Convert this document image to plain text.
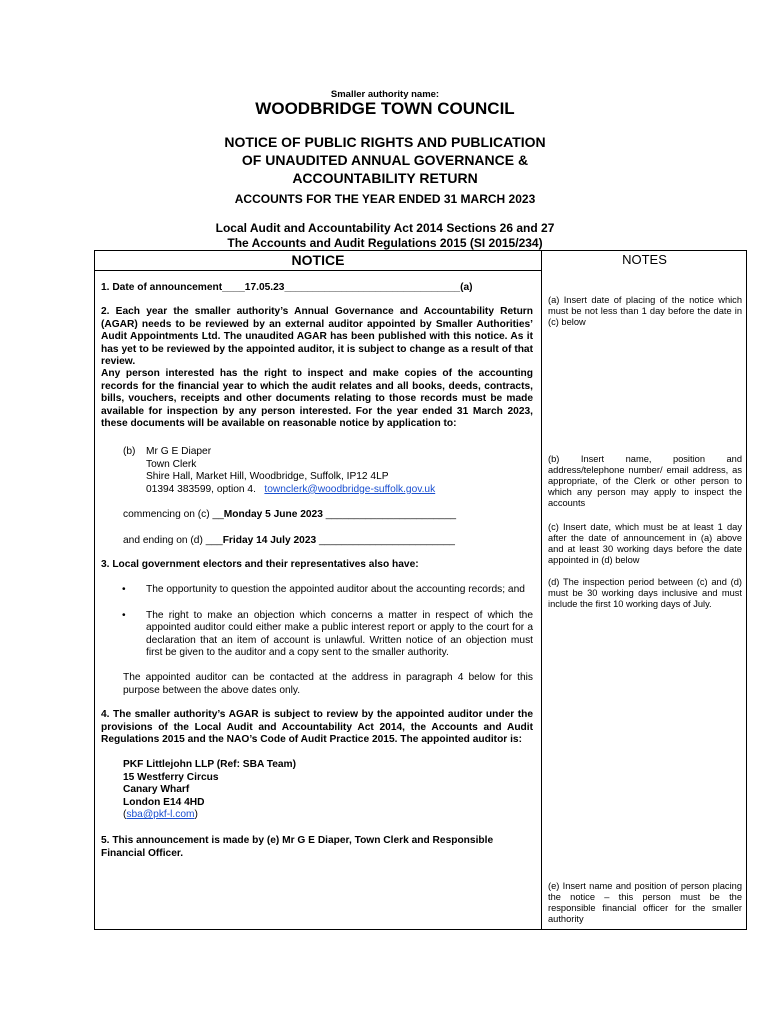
Smaller authority name:
WOODBRIDGE TOWN COUNCIL
NOTICE OF PUBLIC RIGHTS AND PUBLICATION
OF UNAUDITED ANNUAL GOVERNANCE &
ACCOUNTABILITY RETURN
ACCOUNTS FOR THE YEAR ENDED 31 MARCH 2023
Local Audit and Accountability Act 2014 Sections 26 and 27
The Accounts and Audit Regulations 2015 (SI 2015/234)
NOTICE	NOTES

1. Date of announcement____17.05.23_______________________________(a)

2. Each year the smaller authority’s Annual Governance and Accountability Return (AGAR) needs to be reviewed by an external auditor appointed by Smaller Authorities’ Audit Appointments Ltd. The unaudited AGAR has been published with this notice. As it has yet to be reviewed by the appointed auditor, it is subject to change as a result of that review.

Any person interested has the right to inspect and make copies of the accounting records for the financial year to which the audit relates and all books, deeds, contracts, bills, vouchers, receipts and other documents relating to those records must be made available for inspection by any person interested. For the year ended 31 March 2023, these documents will be available on reasonable notice by application to:

(b)	Mr G E Diaper
Town Clerk
Shire Hall, Market Hill, Woodbridge, Suffolk, IP12 4LP
01394 383599, option 4. townclerk@woodbridge-suffolk.gov.uk
commencing on (c) __Monday 5 June 2023 _______________________
and ending on (d) ___Friday 14 July 2023 ________________________

3. Local government electors and their representatives also have:

•	The opportunity to question the appointed auditor about the accounting records; and
•	The right to make an objection which concerns a matter in respect of which the appointed auditor could either make a public interest report or apply to the court for a declaration that an item of account is unlawful. Written notice of an objection must first be given to the auditor and a copy sent to the smaller authority.

The appointed auditor can be contacted at the address in paragraph 4 below for this purpose between the above dates only.

4. The smaller authority’s AGAR is subject to review by the appointed auditor under the provisions of the Local Audit and Accountability Act 2014, the Accounts and Audit Regulations 2015 and the NAO’s Code of Audit Practice 2015. The appointed auditor is:

PKF Littlejohn LLP (Ref: SBA Team)
15 Westferry Circus
Canary Wharf
London E14 4HD
(sba@pkf-l.com)

5. This announcement is made by (e) Mr G E Diaper, Town Clerk and Responsible Financial Officer.

(a) Insert date of placing of the notice which must be not less than 1 day before the date in (c) below
(b) Insert name, position and address/telephone number/ email address, as appropriate, of the Clerk or other person to which any person may apply to inspect the accounts
(c) Insert date, which must be at least 1 day after the date of announcement in (a) above and at least 30 working days before the date appointed in (d) below
(d) The inspection period between (c) and (d) must be 30 working days inclusive and must include the first 10 working days of July.
(e) Insert name and position of person placing the notice – this person must be the responsible financial officer for the smaller authority
